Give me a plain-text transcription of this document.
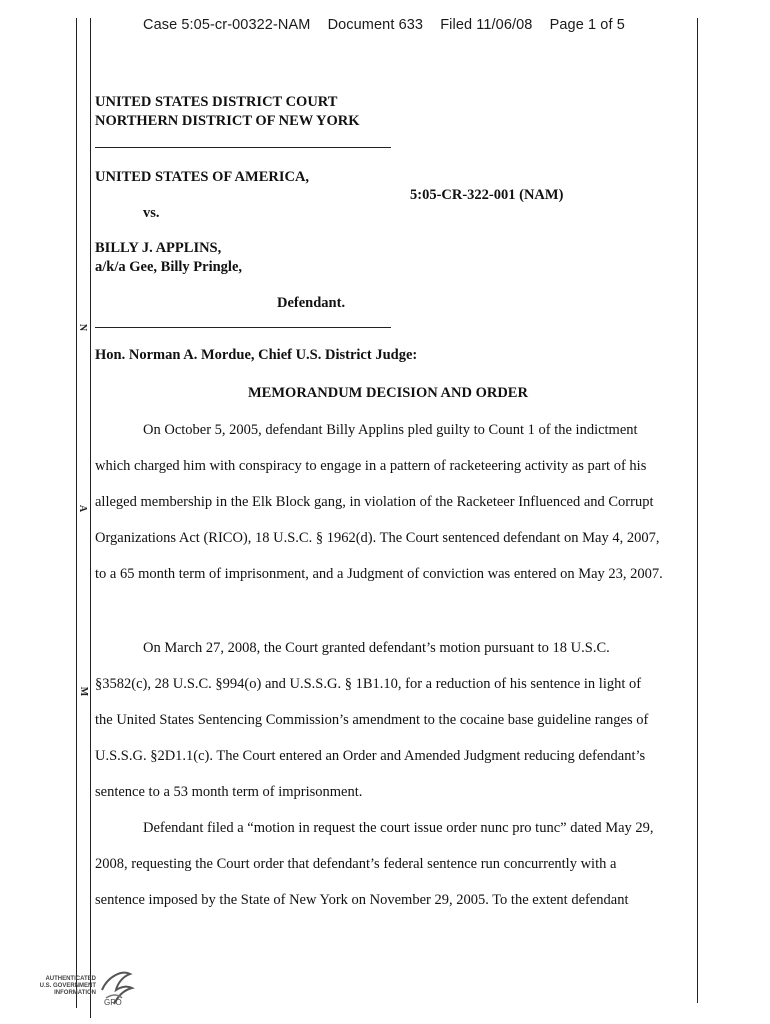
Case 5:05-cr-00322-NAM Document 633 Filed 11/06/08 Page 1 of 5
N
A
M
UNITED STATES DISTRICT COURT
NORTHERN DISTRICT OF NEW YORK
UNITED STATES OF AMERICA,
5:05-CR-322-001 (NAM)
vs.
BILLY J. APPLINS,
a/k/a Gee, Billy Pringle,
Defendant.
Hon. Norman A. Mordue, Chief U.S. District Judge:
MEMORANDUM DECISION AND ORDER
On October 5, 2005, defendant Billy Applins pled guilty to Count 1 of the indictment
which charged him with conspiracy to engage in a pattern of racketeering activity as part of his
alleged membership in the Elk Block gang, in violation of the Racketeer Influenced and Corrupt
Organizations Act (RICO), 18 U.S.C. § 1962(d). The Court sentenced defendant on May 4, 2007,
to a 65 month term of imprisonment, and a Judgment of conviction was entered on May 23, 2007.
On March 27, 2008, the Court granted defendant’s motion pursuant to 18 U.S.C.
§3582(c), 28 U.S.C. §994(o) and U.S.S.G. § 1B1.10, for a reduction of his sentence in light of
the United States Sentencing Commission’s amendment to the cocaine base guideline ranges of
U.S.S.G. §2D1.1(c). The Court entered an Order and Amended Judgment reducing defendant’s
sentence to a 53 month term of imprisonment.
Defendant filed a “motion in request the court issue order nunc pro tunc” dated May 29,
2008, requesting the Court order that defendant’s federal sentence run concurrently with a
sentence imposed by the State of New York on November 29, 2005. To the extent defendant
AUTHENTICATED
U.S. GOVERNMENT
INFORMATION
GPO
